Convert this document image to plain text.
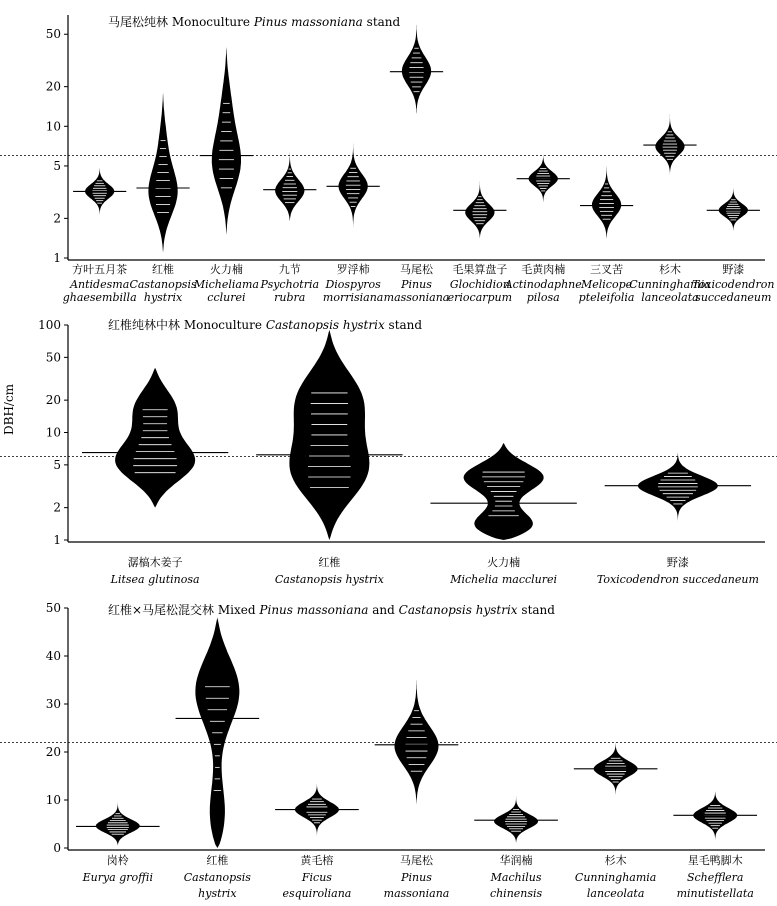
1
2
5
10
20
50
方叶五月茶
Antidesma
ghaesembilla
红椎
Castanopsis
hystrix
火力楠
Micheliama
cclurei
九节
Psychotria
rubra
罗浮柿
Diospyros
morrisiana
马尾松
Pinus
massoniana
毛果算盘子
Glochidion
eriocarpum
毛黄肉楠
Actinodaphne
pilosa
三叉苦
Melicope
pteleifolia
杉木
Cunninghamia
lanceolata
野漆
Toxicodendron
succedaneum
1
2
5
10
20
50
100
潺槁木姜子
Litsea glutinosa
红椎
Castanopsis hystrix
火力楠
Michelia macclurei
野漆
Toxicodendron succedaneum
0
10
20
30
40
50
岗柃
Eurya groffii
红椎
Castanopsis
hystrix
黄毛榕
Ficus
esquiroliana
马尾松
Pinus
massoniana
华润楠
Machilus
chinensis
杉木
Cunninghamia
lanceolata
星毛鸭脚木
Schefflera
minutistellata
马尾松纯林 Monoculture Pinus massoniana stand
红椎纯林中林 Monoculture Castanopsis hystrix stand
红椎×马尾松混交林 Mixed Pinus massoniana and Castanopsis hystrix stand
DBH/cm
